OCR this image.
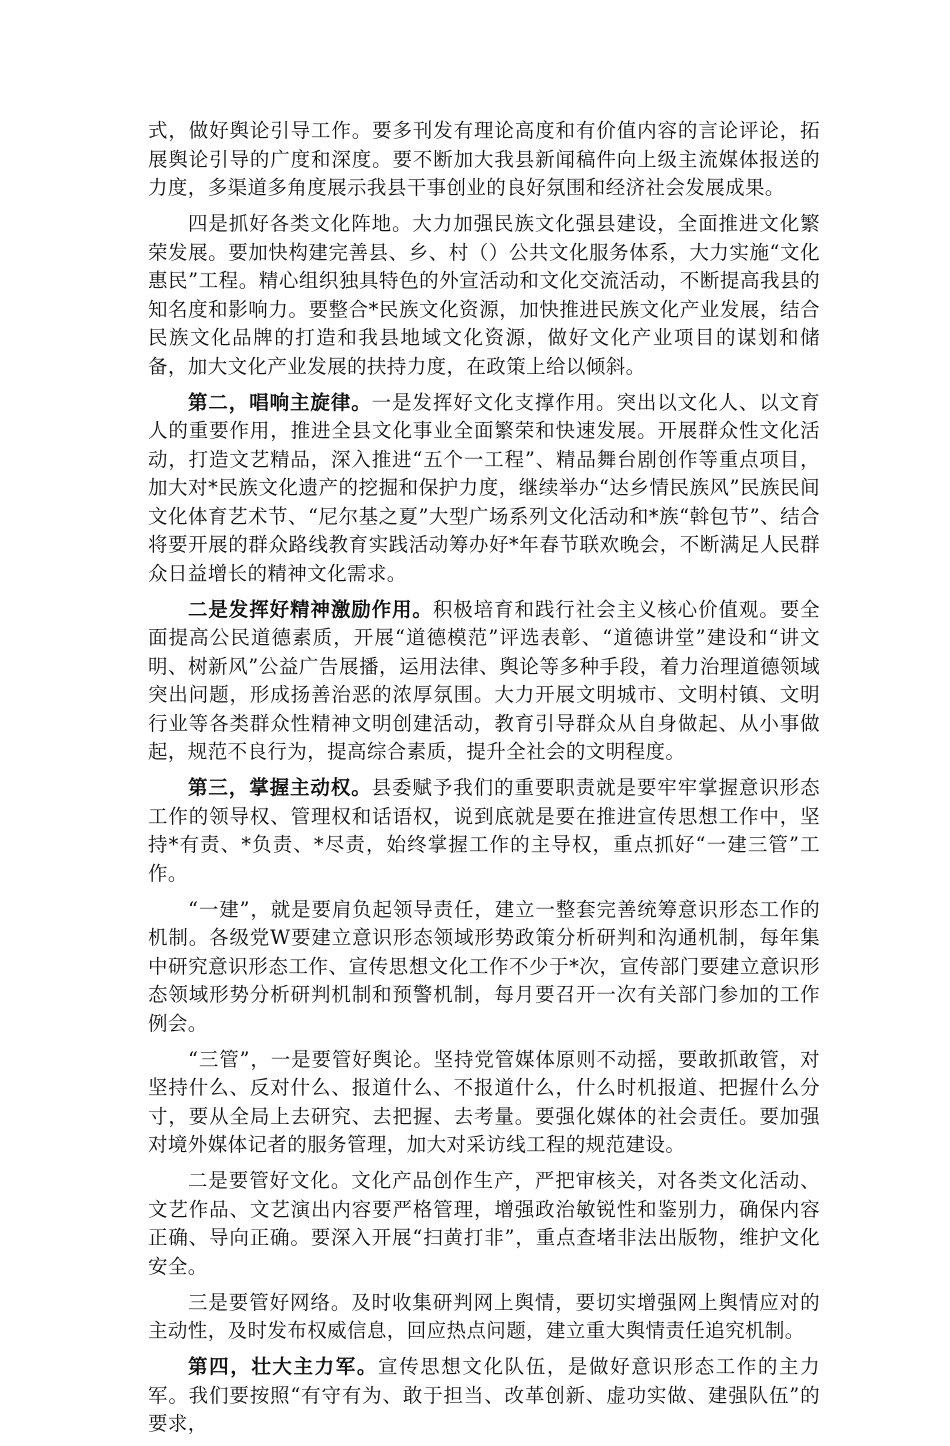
式，做好舆论引导工作。要多刊发有理论高度和有价值内容的言论评论，拓展舆论引导的广度和深度。要不断加大我县新闻稿件向上级主流媒体报送的力度，多渠道多角度展示我县干事创业的良好氛围和经济社会发展成果。

四是抓好各类文化阵地。大力加强民族文化强县建设，全面推进文化繁荣发展。要加快构建完善县、乡、村（）公共文化服务体系，大力实施“文化惠民”工程。精心组织独具特色的外宣活动和文化交流活动，不断提高我县的知名度和影响力。要整合*民族文化资源，加快推进民族文化产业发展，结合民族文化品牌的打造和我县地域文化资源，做好文化产业项目的谋划和储备，加大文化产业发展的扶持力度，在政策上给以倾斜。

第二，唱响主旋律。一是发挥好文化支撑作用。突出以文化人、以文育人的重要作用，推进全县文化事业全面繁荣和快速发展。开展群众性文化活动，打造文艺精品，深入推进“五个一工程”、精品舞台剧创作等重点项目，加大对*民族文化遗产的挖掘和保护力度，继续举办“达乡情民族风”民族民间文化体育艺术节、“尼尔基之夏”大型广场系列文化活动和*族“斡包节”、结合将要开展的群众路线教育实践活动筹办好*年春节联欢晚会，不断满足人民群众日益增长的精神文化需求。

二是发挥好精神激励作用。积极培育和践行社会主义核心价值观。要全面提高公民道德素质，开展“道德模范”评选表彰、“道德讲堂”建设和“讲文明、树新风”公益广告展播，运用法律、舆论等多种手段，着力治理道德领域突出问题，形成扬善治恶的浓厚氛围。大力开展文明城市、文明村镇、文明行业等各类群众性精神文明创建活动，教育引导群众从自身做起、从小事做起，规范不良行为，提高综合素质，提升全社会的文明程度。

第三，掌握主动权。县委赋予我们的重要职责就是要牢牢掌握意识形态工作的领导权、管理权和话语权，说到底就是要在推进宣传思想工作中，坚持*有责、*负责、*尽责，始终掌握工作的主导权，重点抓好“一建三管”工作。

“一建”，就是要肩负起领导责任，建立一整套完善统筹意识形态工作的机制。各级党W要建立意识形态领域形势政策分析研判和沟通机制，每年集中研究意识形态工作、宣传思想文化工作不少于*次，宣传部门要建立意识形态领域形势分析研判机制和预警机制，每月要召开一次有关部门参加的工作例会。

“三管”，一是要管好舆论。坚持党管媒体原则不动摇，要敢抓敢管，对坚持什么、反对什么、报道什么、不报道什么，什么时机报道、把握什么分寸，要从全局上去研究、去把握、去考量。要强化媒体的社会责任。要加强对境外媒体记者的服务管理，加大对采访线工程的规范建设。

二是要管好文化。文化产品创作生产，严把审核关，对各类文化活动、文艺作品、文艺演出内容要严格管理，增强政治敏锐性和鉴别力，确保内容正确、导向正确。要深入开展“扫黄打非”，重点查堵非法出版物，维护文化安全。

三是要管好网络。及时收集研判网上舆情，要切实增强网上舆情应对的主动性，及时发布权威信息，回应热点问题，建立重大舆情责任追究机制。

第四，壮大主力军。宣传思想文化队伍，是做好意识形态工作的主力军。我们要按照“有守有为、敢于担当、改革创新、虚功实做、建强队伍”的要求，
